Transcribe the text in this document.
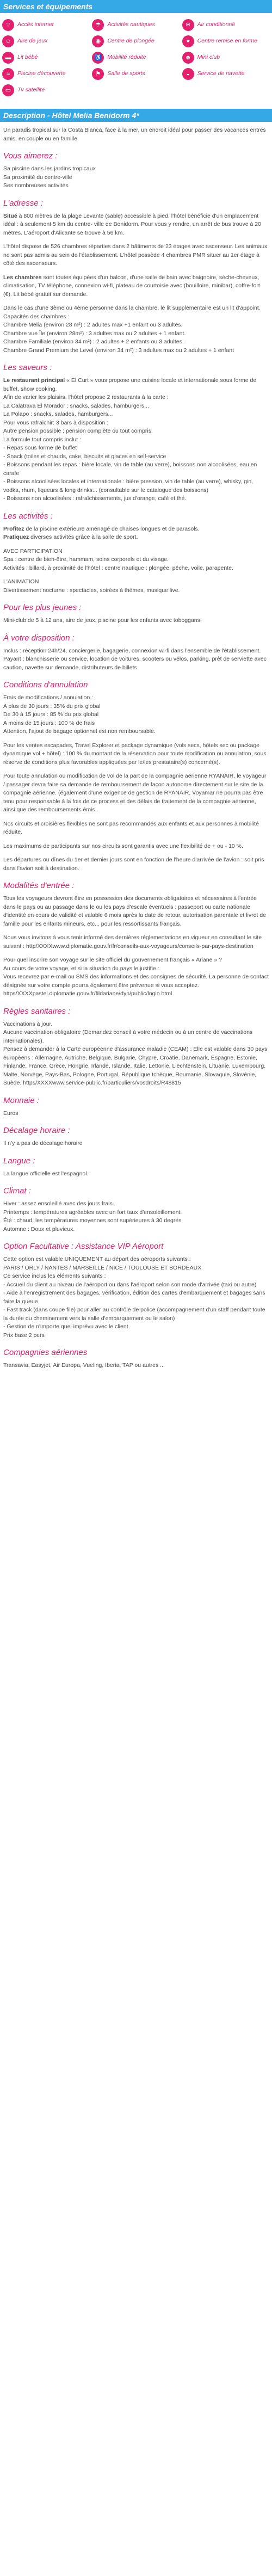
Services et équipements
⌔	Accès internet	☂	Activités nautiques	❄	Air conditionné
☺	Aire de jeux	◉	Centre de plongée	♥	Centre remise en forme
▬	Lit bébé	♿ Mobilité réduite	☻	Mini club
≈	Piscine découverte	⚑	Salle de sports	◒	Service de navette
▭	Tv satellite
Description - Hôtel Melia Benidorm 4*

Un paradis tropical sur la Costa Blanca, face à la mer, un endroit idéal pour passer des vacances entres amis, en couple ou en famille.

Vous aimerez :

Sa piscine dans les jardins tropicaux
Sa proximité du centre-ville
Ses nombreuses activités

L'adresse :

Situé à 800 mètres de la plage Levante (sable) accessible à pied. l'hôtel bénéficie d'un emplacement idéal : à seulement 5 km du centre- ville de Benidorm. Pour vous y rendre, un arrêt de bus trouve à 20 mètres. L'aéroport d'Alicante se trouve à 56 km.

L'hôtel dispose de 526 chambres réparties dans 2 bâtiments de 23 étages avec ascenseur. Les animaux ne sont pas admis au sein de l'établissement. L'hôtel possède 4 chambres PMR situer au 1er étage à côté des ascenseurs.

Les chambres sont toutes équipées d'un balcon, d'une salle de bain avec baignoire, sèche-cheveux, climatisation, TV téléphone, connexion wi-fi, plateau de courtoisie avec (bouilloire, minibar), coffre-fort (€). Lit bébé gratuit sur demande.

Dans le cas d'une 3ème ou 4ème personne dans la chambre, le lit supplémentaire est un lit d'appoint.
Capacités des chambres :
Chambre Melia (environ 28 m²) : 2 adultes max +1 enfant ou 3 adultes.
Chambre vue Île (environ 28m²) : 3 adultes max ou 2 adultes + 1 enfant.
Chambre Familiale (environ 34 m²) : 2 adultes + 2 enfants ou 3 adultes.
Chambre Grand Premium the Level (environ 34 m²) : 3 adultes max ou 2 adultes + 1 enfant

Les saveurs :

Le restaurant principal « El Curt » vous propose une cuisine locale et internationale sous forme de buffet, show cooking.
Afin de varier les plaisirs, l'hôtel propose 2 restaurants à la carte :
La Calatrava El Morador : snacks, salades, hamburgers...
La Polapo : snacks, salades, hamburgers...
Pour vous rafraichir: 3 bars à disposition :
Autre pension possible : pension complète ou tout compris.
La formule tout compris inclut :
- Repas sous forme de buffet
- Snack (toiles et chauds, cake, biscuits et glaces en self-service
- Boissons pendant les repas : bière locale, vin de table (au verre), boissons non alcoolisées, eau en carafe
- Boissons alcoolisées locales et internationale : bière pression, vin de table (au verre), whisky, gin, vodka, rhum, liqueurs & long drinks... (consultable sur le catalogue des boissons)
- Boissons non alcoolisées : rafraîchissements, jus d'orange, café et thé.

Les activités :

Profitez de la piscine extérieure aménagé de chaises longues et de parasols.
Pratiquez diverses activités grâce à la salle de sport.

AVEC PARTICIPATION
Spa : centre de bien-être, hammam, soins corporels et du visage.
Activités : billard, à proximité de l'hôtel : centre nautique : plongée, pêche, voile, parapente.

L'ANIMATION
Divertissement nocturne : spectacles, soirées à thèmes, musique live.

Pour les plus jeunes :

Mini-club de 5 à 12 ans, aire de jeux, piscine pour les enfants avec toboggans.

À votre disposition :

Inclus : réception 24h/24, conciergerie, bagagerie, connexion wi-fi dans l'ensemble de l'établissement.
Payant : blanchisserie ou service, location de voitures, scooters ou vélos, parking, prêt de serviette avec caution, navette sur demande, distributeurs de billets.

Conditions d'annulation

Frais de modifications / annulation :
A plus de 30 jours : 35% du prix global
De 30 à 15 jours : 85 % du prix global
A moins de 15 jours : 100 % de frais
Attention, l'ajout de bagage optionnel est non remboursable.

Pour les ventes escapades, Travel Explorer et package dynamique (vols secs, hôtels sec ou package dynamique vol + hôtel) : 100 % du montant de la réservation pour toute modification ou annulation, sous réserve de conditions plus favorables appliquées par le/les prestataire(s) concerné(s).

Pour toute annulation ou modification de vol de la part de la compagnie aérienne RYANAIR, le voyageur / passager devra faire sa demande de remboursement de façon autonome directement sur le site de la compagnie aérienne. (également d'une exigence de gestion de RYANAIR, Voyamar ne pourra pas être tenu pour responsable à la fois de ce process et des délais de traitement de la compagnie aérienne, ainsi que des remboursements émis.

Nos circuits et croisières flexibles ne sont pas recommandés aux enfants et aux personnes à mobilité réduite.

Les maximums de participants sur nos circuits sont garantis avec une flexibilité de + ou - 10 %.

Les départures ou dînes du 1er et dernier jours sont en fonction de l'heure d'arrivée de l'avion : soit pris dans l'avion soit à destination.

Modalités d'entrée :

Tous les voyageurs devront être en possession des documents obligatoires et nécessaires à l'entrée dans le pays ou au passage dans le ou les pays d'escale éventuels : passeport ou carte nationale d'identité en cours de validité et valable 6 mois après la date de retour, autorisation parentale et livret de famille pour les enfants mineurs, etc... pour les ressortissants français.

Nous vous invitons à vous tenir informé des dernières réglementations en vigueur en consultant le site suivant : http/XXXXwww.diplomatie.gouv.fr/fr/conseils-aux-voyageurs/conseils-par-pays-destination

Pour quel inscrire son voyage sur le site officiel du gouvernement français « Ariane » ?
Au cours de votre voyage, et si la situation du pays le justifie :
Vous recevrez par e-mail ou SMS des informations et des consignes de sécurité. La personne de contact désignée sur votre compte pourra également être prévenue si vous acceptez. https/XXXXpastel.diplomatie.gouv.fr/fildariane/dyn/public/login.html

Règles sanitaires :

Vaccinations à jour.
Aucune vaccination obligatoire (Demandez conseil à votre médecin ou à un centre de vaccinations internationales).
Pensez à demander à la Carte européenne d'assurance maladie (CEAM) : Elle est valable dans 30 pays européens : Allemagne, Autriche, Belgique, Bulgarie, Chypre, Croatie, Danemark, Espagne, Estonie, Finlande, France, Grèce, Hongrie, Irlande, Islande, Italie, Lettonie, Liechtenstein, Lituanie, Luxembourg, Malte, Norvège, Pays-Bas, Pologne, Portugal, République tchèque, Roumanie, Slovaquie, Slovénie, Suède. https/XXXXwww.service-public.fr/particuliers/vosdroits/R48815

Monnaie :

Euros

Décalage horaire :

Il n'y a pas de décalage horaire

Langue :

La langue officielle est l'espagnol.

Climat :

Hiver : assez ensoleillé avec des jours frais.
Printemps : températures agréables avec un fort taux d'ensoleillement.
Été : chaud, les températures moyennes sont supérieures à 30 degrés
Automne : Doux et pluvieux.

Option Facultative : Assistance VIP Aéroport

Cette option est valable UNIQUEMENT au départ des aéroports suivants :
PARIS / ORLY / NANTES / MARSEILLE / NICE / TOULOUSE ET BORDEAUX
Ce service inclus les éléments suivants :
- Accueil du client au niveau de l'aéroport ou dans l'aéroport selon son mode d'arrivée (taxi ou autre)
- Aide à l'enregistrement des bagages, vérification, édition des cartes d'embarquement et bagages sans faire la queue
- Fast track (dans coupe file) pour aller au contrôle de police (accompagnement d'un staff pendant toute la durée du cheminement vers la salle d'embarquement ou le salon)
- Gestion de n'importe quel imprévu avec le client
Prix base 2 pers

Compagnies aériennes

Transavia, Easyjet, Air Europa, Vueling, Iberia, TAP ou autres ...
